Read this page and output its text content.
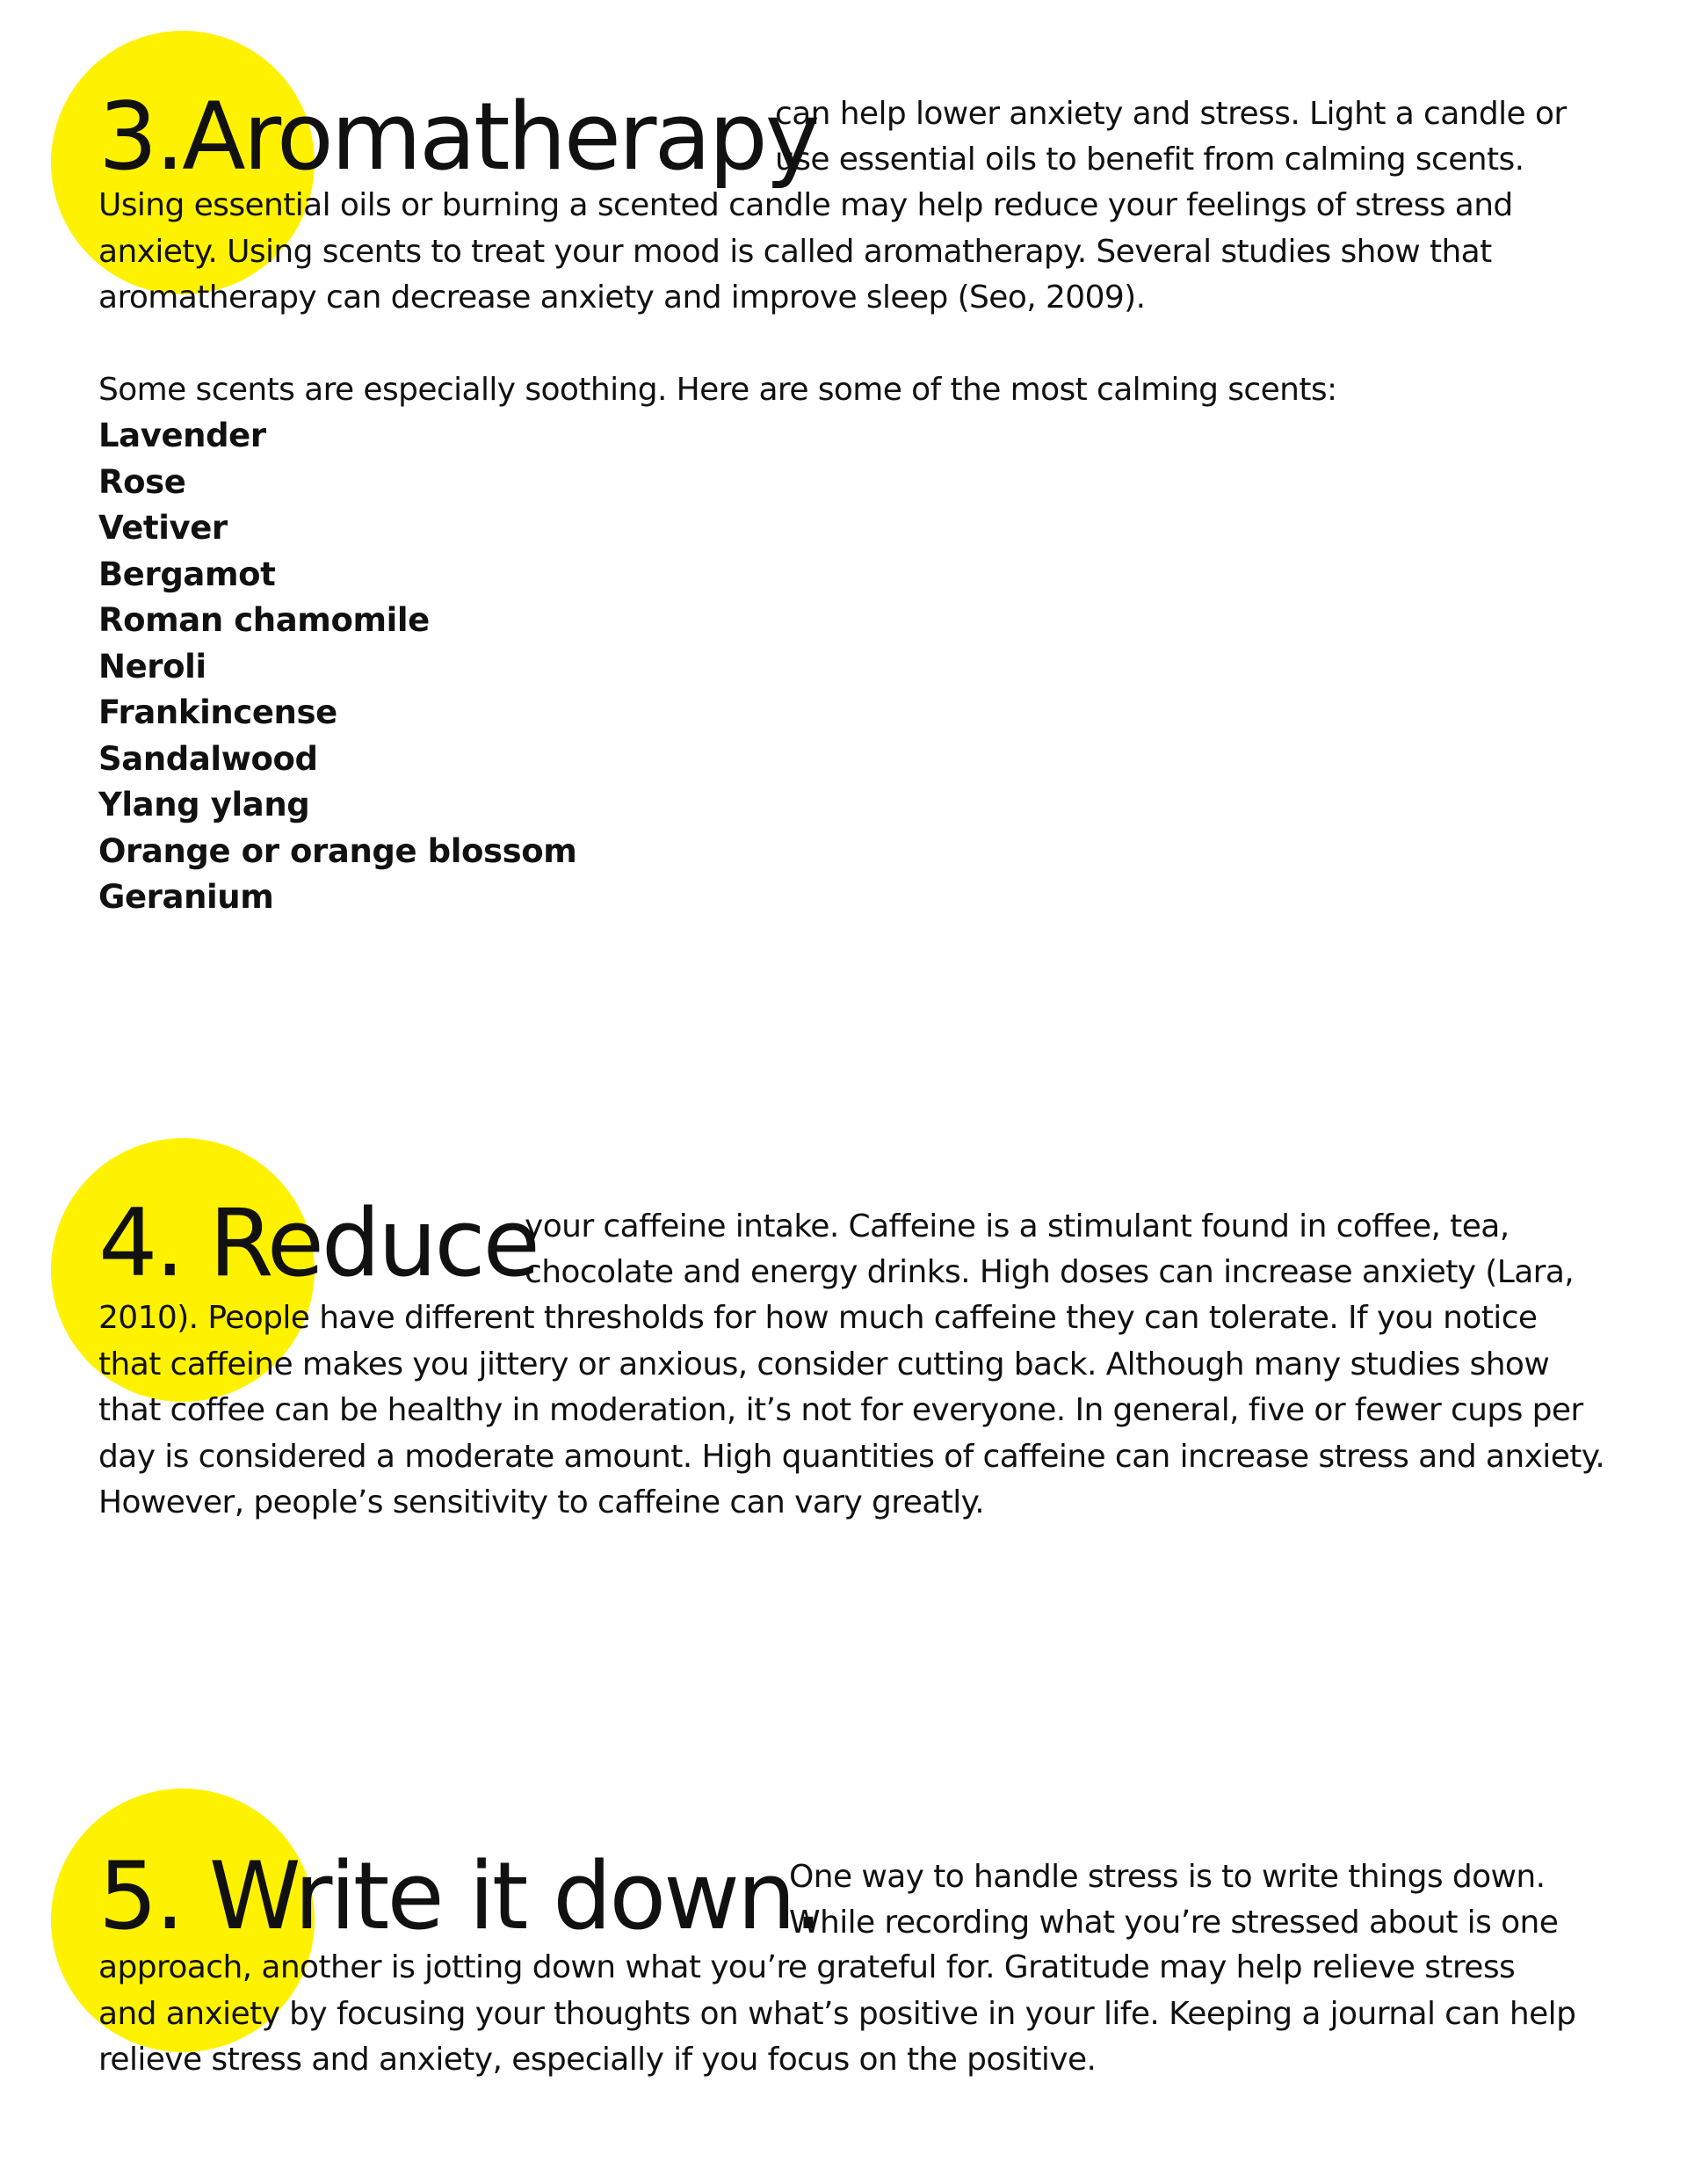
3.Aromatherapy

can help lower anxiety and stress. Light a candle or
use essential oils to benefit from calming scents.

Using essential oils or burning a scented candle may help reduce your feelings of stress and
anxiety. Using scents to treat your mood is called aromatherapy. Several studies show that
aromatherapy can decrease anxiety and improve sleep (Seo, 2009).

Some scents are especially soothing. Here are some of the most calming scents:

Lavender
Rose
Vetiver
Bergamot
Roman chamomile
Neroli
Frankincense
Sandalwood
Ylang ylang
Orange or orange blossom
Geranium
4. Reduce

your caffeine intake. Caffeine is a stimulant found in coffee, tea,
chocolate and energy drinks. High doses can increase anxiety (Lara,

2010). People have different thresholds for how much caffeine they can tolerate. If you notice
that caffeine makes you jittery or anxious, consider cutting back. Although many studies show
that coffee can be healthy in moderation, it’s not for everyone. In general, five or fewer cups per
day is considered a moderate amount. High quantities of caffeine can increase stress and anxiety.
However, people’s sensitivity to caffeine can vary greatly.

5. Write it down.

One way to handle stress is to write things down.
While recording what you’re stressed about is one

approach, another is jotting down what you’re grateful for. Gratitude may help relieve stress
and anxiety by focusing your thoughts on what’s positive in your life. Keeping a journal can help
relieve stress and anxiety, especially if you focus on the positive.
